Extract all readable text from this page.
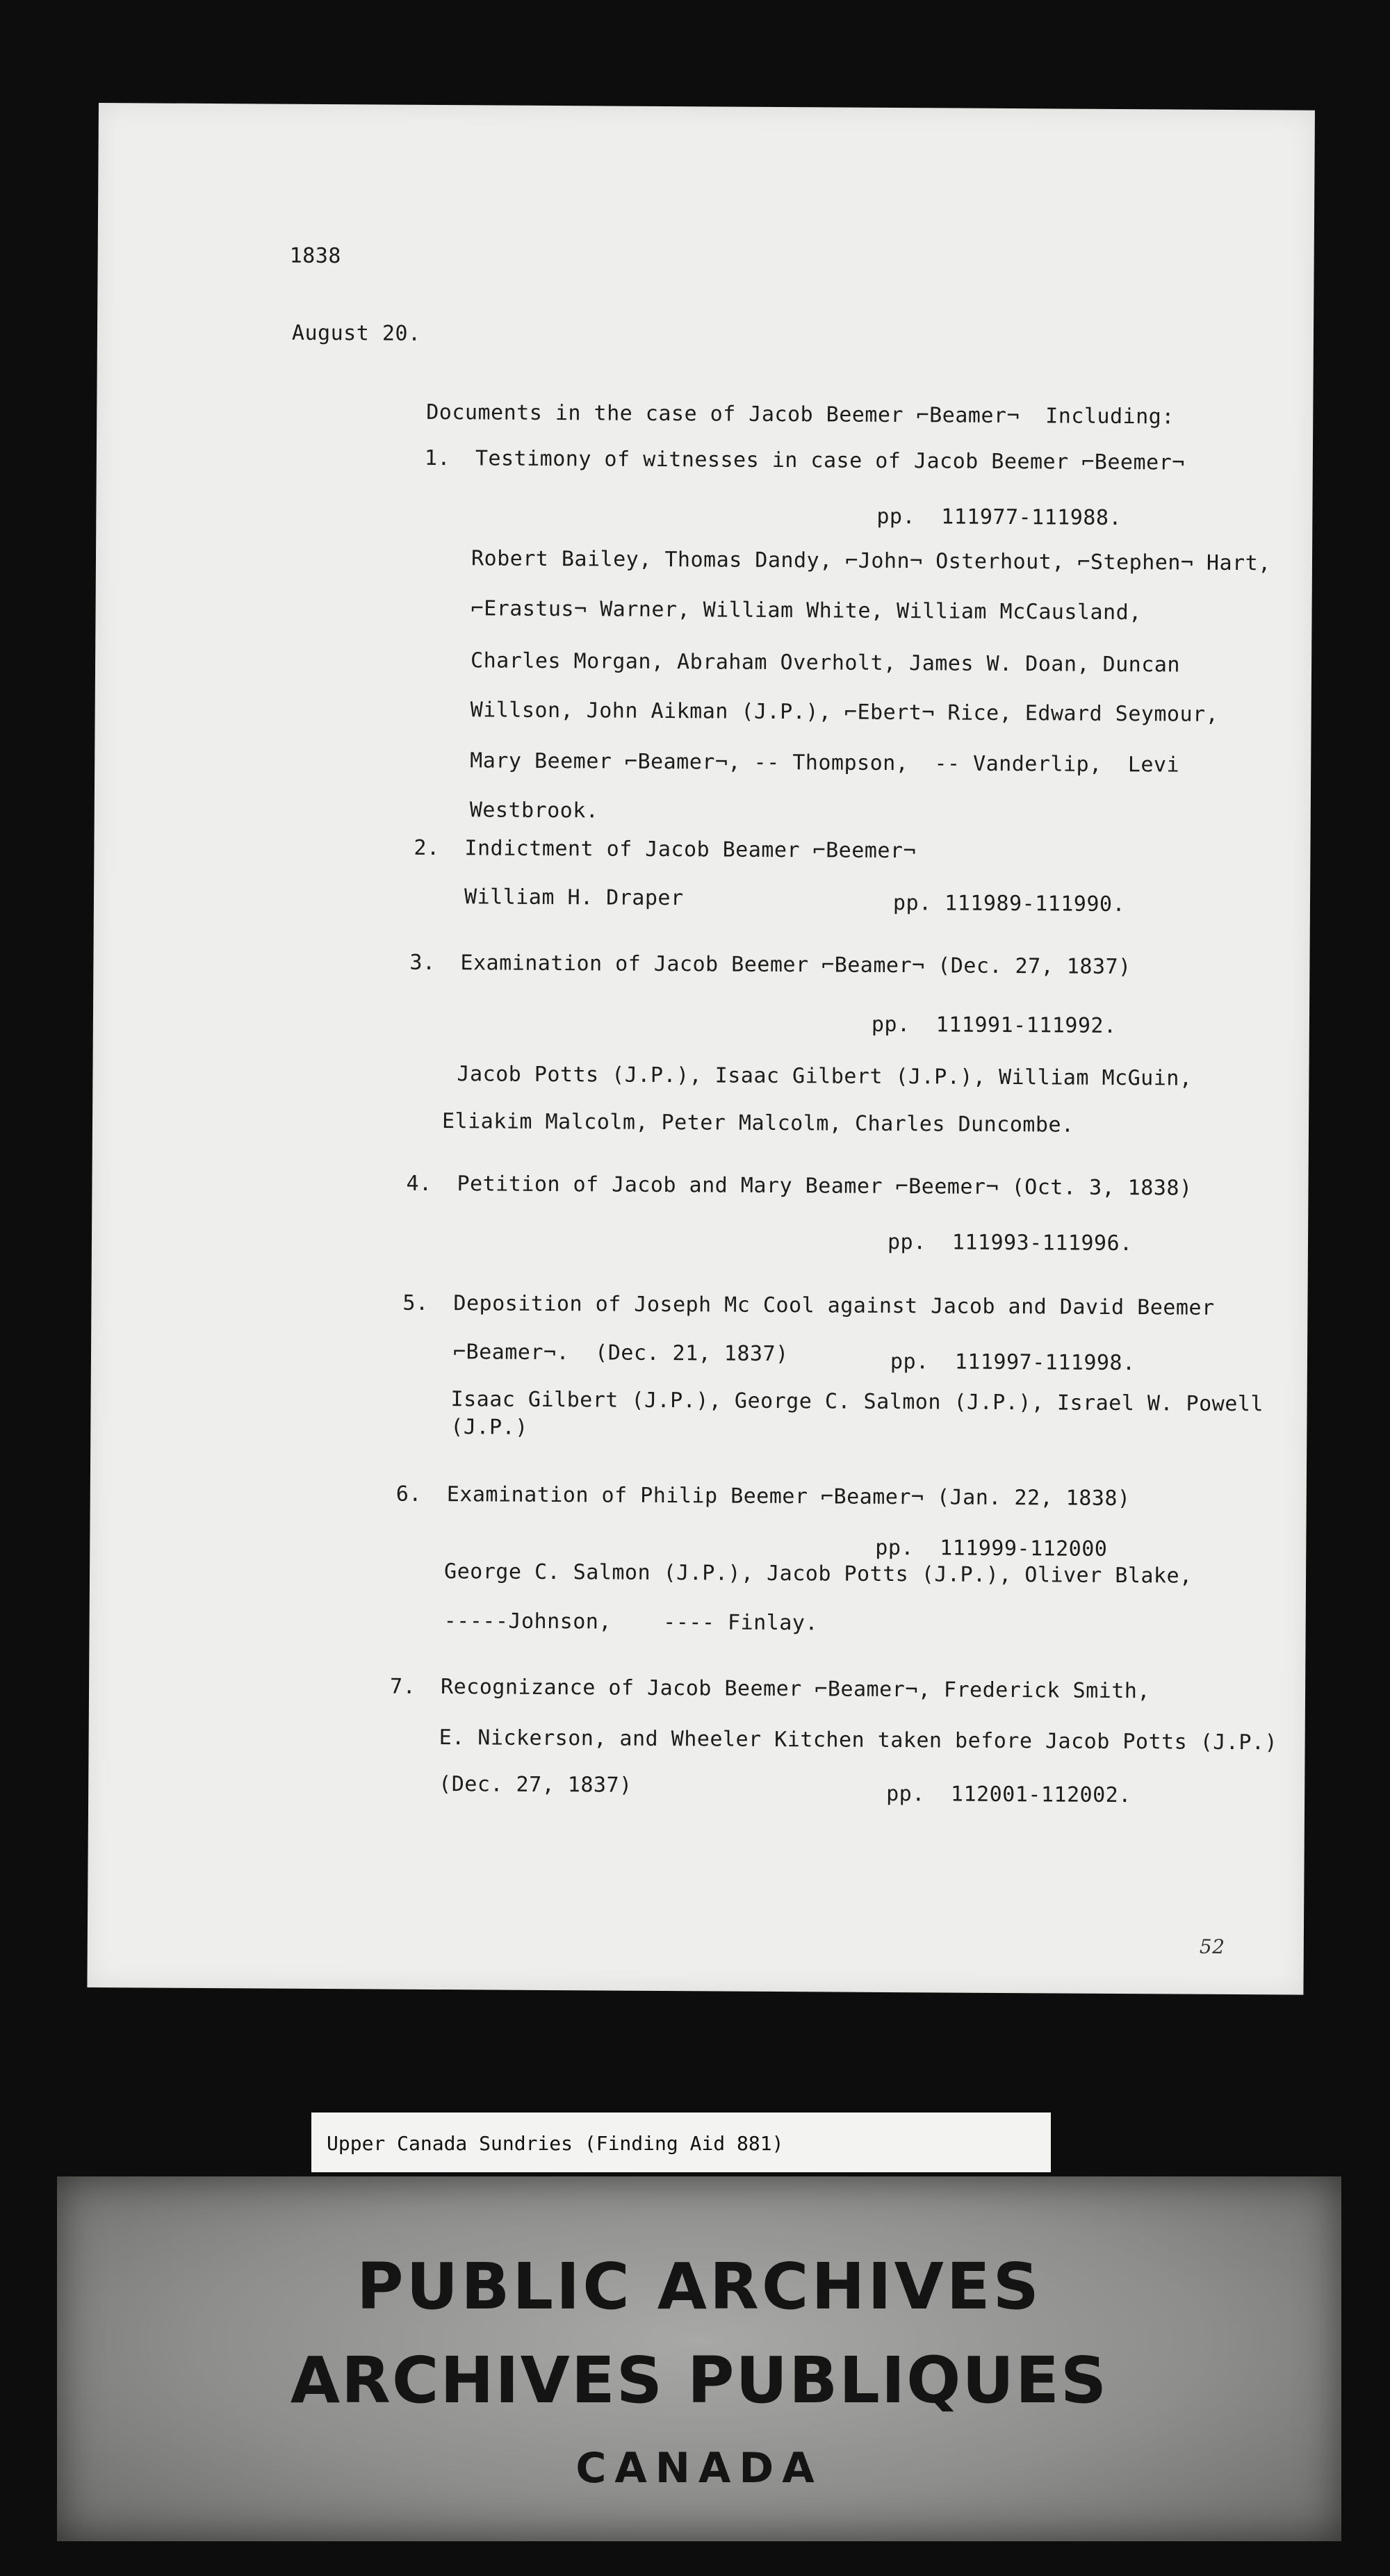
1838
August 20.
Documents in the case of Jacob Beemer ⌐Beamer¬  Including:
1. Testimony of witnesses in case of Jacob Beemer ⌐Beemer¬
pp.  111977-111988.
Robert Bailey, Thomas Dandy, ⌐John¬ Osterhout, ⌐Stephen¬ Hart,
⌐Erastus¬ Warner, William White, William McCausland,
Charles Morgan, Abraham Overholt, James W. Doan, Duncan
Willson, John Aikman (J.P.), ⌐Ebert¬ Rice, Edward Seymour,
Mary Beemer ⌐Beamer¬, -- Thompson,  -- Vanderlip,  Levi
Westbrook.
2. Indictment of Jacob Beamer ⌐Beemer¬
William H. Draper	pp. 111989-111990.
3. Examination of Jacob Beemer ⌐Beamer¬ (Dec. 27, 1837)
pp.  111991-111992.
Jacob Potts (J.P.), Isaac Gilbert (J.P.), William McGuin,
Eliakim Malcolm, Peter Malcolm, Charles Duncombe.
4. Petition of Jacob and Mary Beamer ⌐Beemer¬ (Oct. 3, 1838)
pp.  111993-111996.
5. Deposition of Joseph Mc Cool against Jacob and David Beemer
⌐Beamer¬.  (Dec. 21, 1837)	pp.  111997-111998.
Isaac Gilbert (J.P.), George C. Salmon (J.P.), Israel W. Powell
(J.P.)
6. Examination of Philip Beemer ⌐Beamer¬ (Jan. 22, 1838)
pp.  111999-112000
George C. Salmon (J.P.), Jacob Potts (J.P.), Oliver Blake,
-----Johnson,    ---- Finlay.
7. Recognizance of Jacob Beemer ⌐Beamer¬, Frederick Smith,
E. Nickerson, and Wheeler Kitchen taken before Jacob Potts (J.P.)
(Dec. 27, 1837)	pp.  112001-112002.
52
Upper Canada Sundries (Finding Aid 881)
PUBLIC ARCHIVES
ARCHIVES PUBLIQUES
CANADA
